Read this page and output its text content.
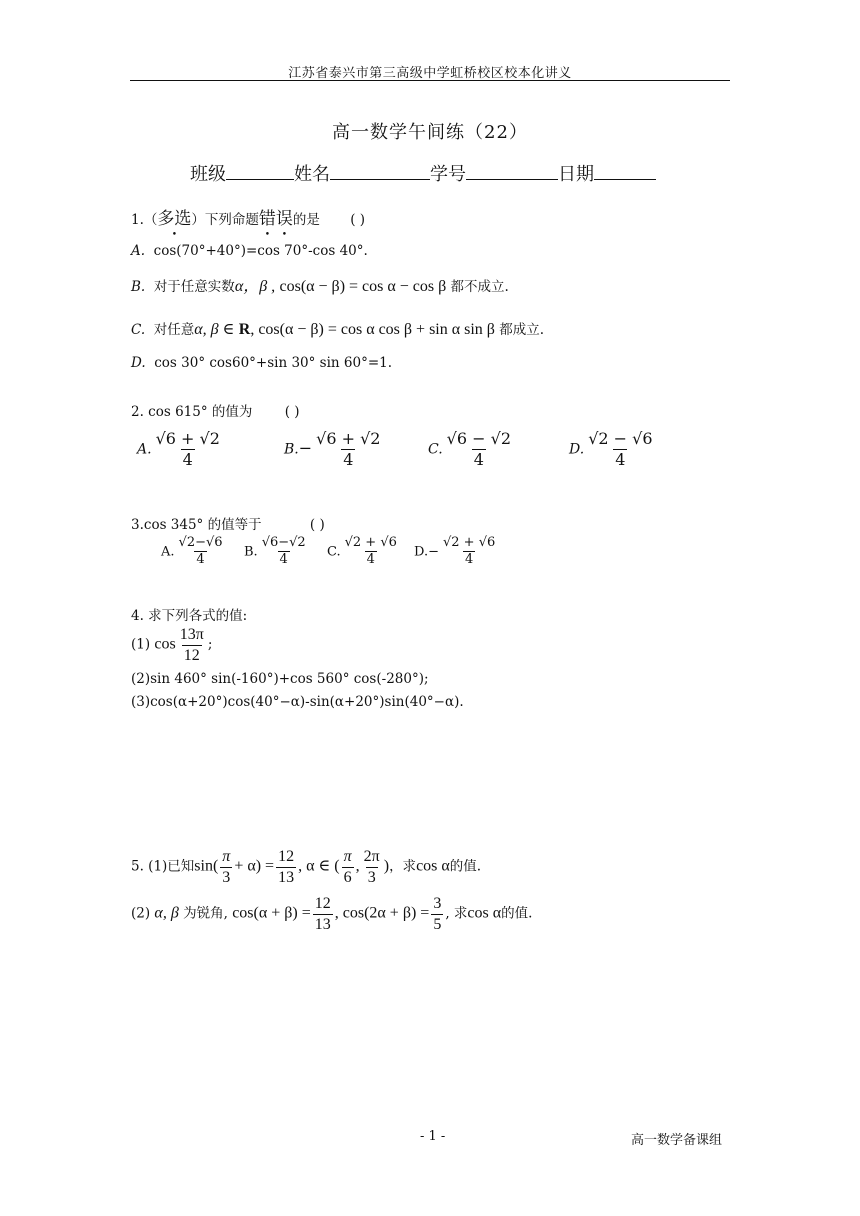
江苏省泰兴市第三高级中学虹桥校区校本化讲义
高一数学午间练（22）
班级	姓名	学号	日期
1.（多选）下列命题错误的是 ( )
A. cos(70°+40°)=cos 70°-cos 40°.
B. 对于任意实数α，β , cos(α − β) = cos α − cos β 都不成立.
C. 对任意α, β ∈ R, cos(α − β) = cos α cos β + sin α sin β 都成立.
D. cos 30° cos60°+sin 30° sin 60°=1.
2. cos 615° 的值为 ( )
A. $\frac{√6 + √2}{4}$	$B.- \frac{√6 + √2}{4}$	C. $\frac{√6 - √2}{4}$	D. $\frac{√2 - √6}{4}$
3.cos 345° 的值等于	( )
A. $\frac{√2-√6}{4} B$. $\frac{√6-√2}{4} C$. $\frac{√2 + √6}{4} D.- \frac{√2 + √6}{4}$
4. 求下列各式的值:
(1) $\cos \frac{13\pi}{12}$ ;
(2)sin 460° sin(-160°)+cos 560° cos(-280°);
(3)cos(α+20°)cos(40°−α)-sin(α+20°)sin(40°−α).
5. (1)已知$\sin( \frac{\pi}{3} + \alpha) = \frac{12}{13}$ , α ∈ ( $\frac{\pi}{6}$ , $\frac{2\pi}{3}$ )，求cos α的值.
(2) α, β 为锐角, $\cos(\alpha + \beta) = \frac{12}{13}$ , $\cos(2\alpha + \beta) = \frac{3}{5}$ , 求cos α的值.
- 1 -	高一数学备课组
